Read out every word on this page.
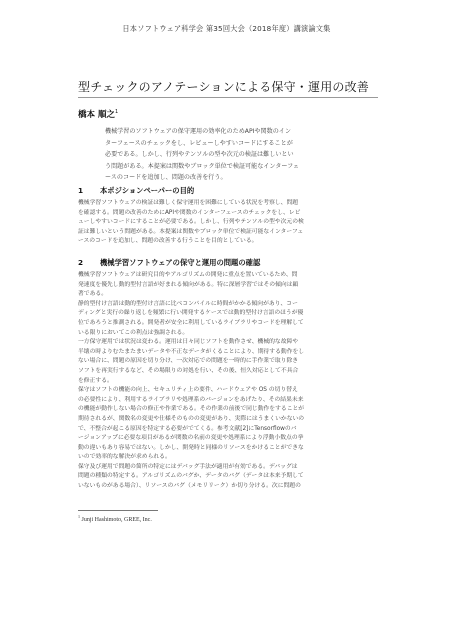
日本ソフトウェア科学会 第35回大会（2018年度）講演論文集
型チェックのアノテーションによる保守・運用の改善
橋本 順之$^1$
機械学習のソフトウェアの保守運用の効率化のためAPIや関数のイン
ターフェースのチェックをし、レビューしやすいコードにすることが
必要である。しかし、行列やテンソルの型や次元の検証は難しいとい
う問題がある。本提案は関数やブロック単位で検証可能なインターフェ
ースのコードを追加し、問題の改善を行う。
1 本ポジションペーパーの目的
機械学習ソフトウェアの検証は難しく保守運用を困難にしている状況を考察し、問題
を確認する。問題の改善のためにAPIや関数のインターフェースのチェックをし、レビ
ューしやすいコードにすることが必要である。しかし、行列やテンソルの型や次元の検
証は難しいという問題がある。本提案は関数やブロック単位で検証可能なインターフェ
ースのコードを追加し、問題の改善する行うことを目的としている。
2 機械学習ソフトウェアの保守と運用の問題の確認
機械学習ソフトウェアは研究目的やアルゴリズムの開発に重点を置いているため、問
発速度を優先し動的型付言語が好まれる傾向がある。特に深層学習ではその傾向は顕
著である。
静的型付け言語は動的型付け言語に比べコンパイルに時間がかかる傾向があり、コー
ディングと実行の繰り返しを頻繁に行い開発するケースでは動的型付け言語のほうが優
位であろうと推測される。開発者が安全に利用しているライブラリやコードを理解して
いる限りにおいてこの利点は強調される。
一方保守運用では状況は変わる。運用は日々同じソフトを動作させ、機械的な故障や
半壊の時よりむたまたまいデータや不正なデータがくることにより、期待する動作をし
ない場合に、問題の原因を切り分け、一次対応での問題を一時的に手作業で取り除き
ソフトを再実行するなど、その場限りの対処を行い、その後、恒久対応として不具合
を修正する。
保守はソフトの機能の向上、セキュリティ上の要件、ハードウェアや OS の切り替え
の必要性により、利用するライブラリや処理系のバージョンをあげたり、その結果未来
の機能が動作しない場合の修正や作業である。その作業の前後で同じ動作をすることが
期待されるが、関数名の変更や仕様そのものの変更があり、実際にはうまくいかないの
で、不整合が起こる原因を特定する必要がでてくる。参考文献[2]にTensorflowのバ
ージョンアップに必要な項目があるが関数の名前の変更や処理系により浮動小数点の挙
動の違いもあり容易ではない。しかし、開発時と同様のリソースをかけることができな
いので効率的な解決が求められる。
保守及び運用で問題の箇所の特定にはデバッグ手法が適用が有効である。デバッグは
問題の種類の特定する。アルゴリズムのバグか、データのバグ（データは本来予期して
いないものがある場合）、リソースのバグ（メモリリーク）か切り分ける。次に問題の
$^1$ Junji Hashimoto, GREE, Inc.
